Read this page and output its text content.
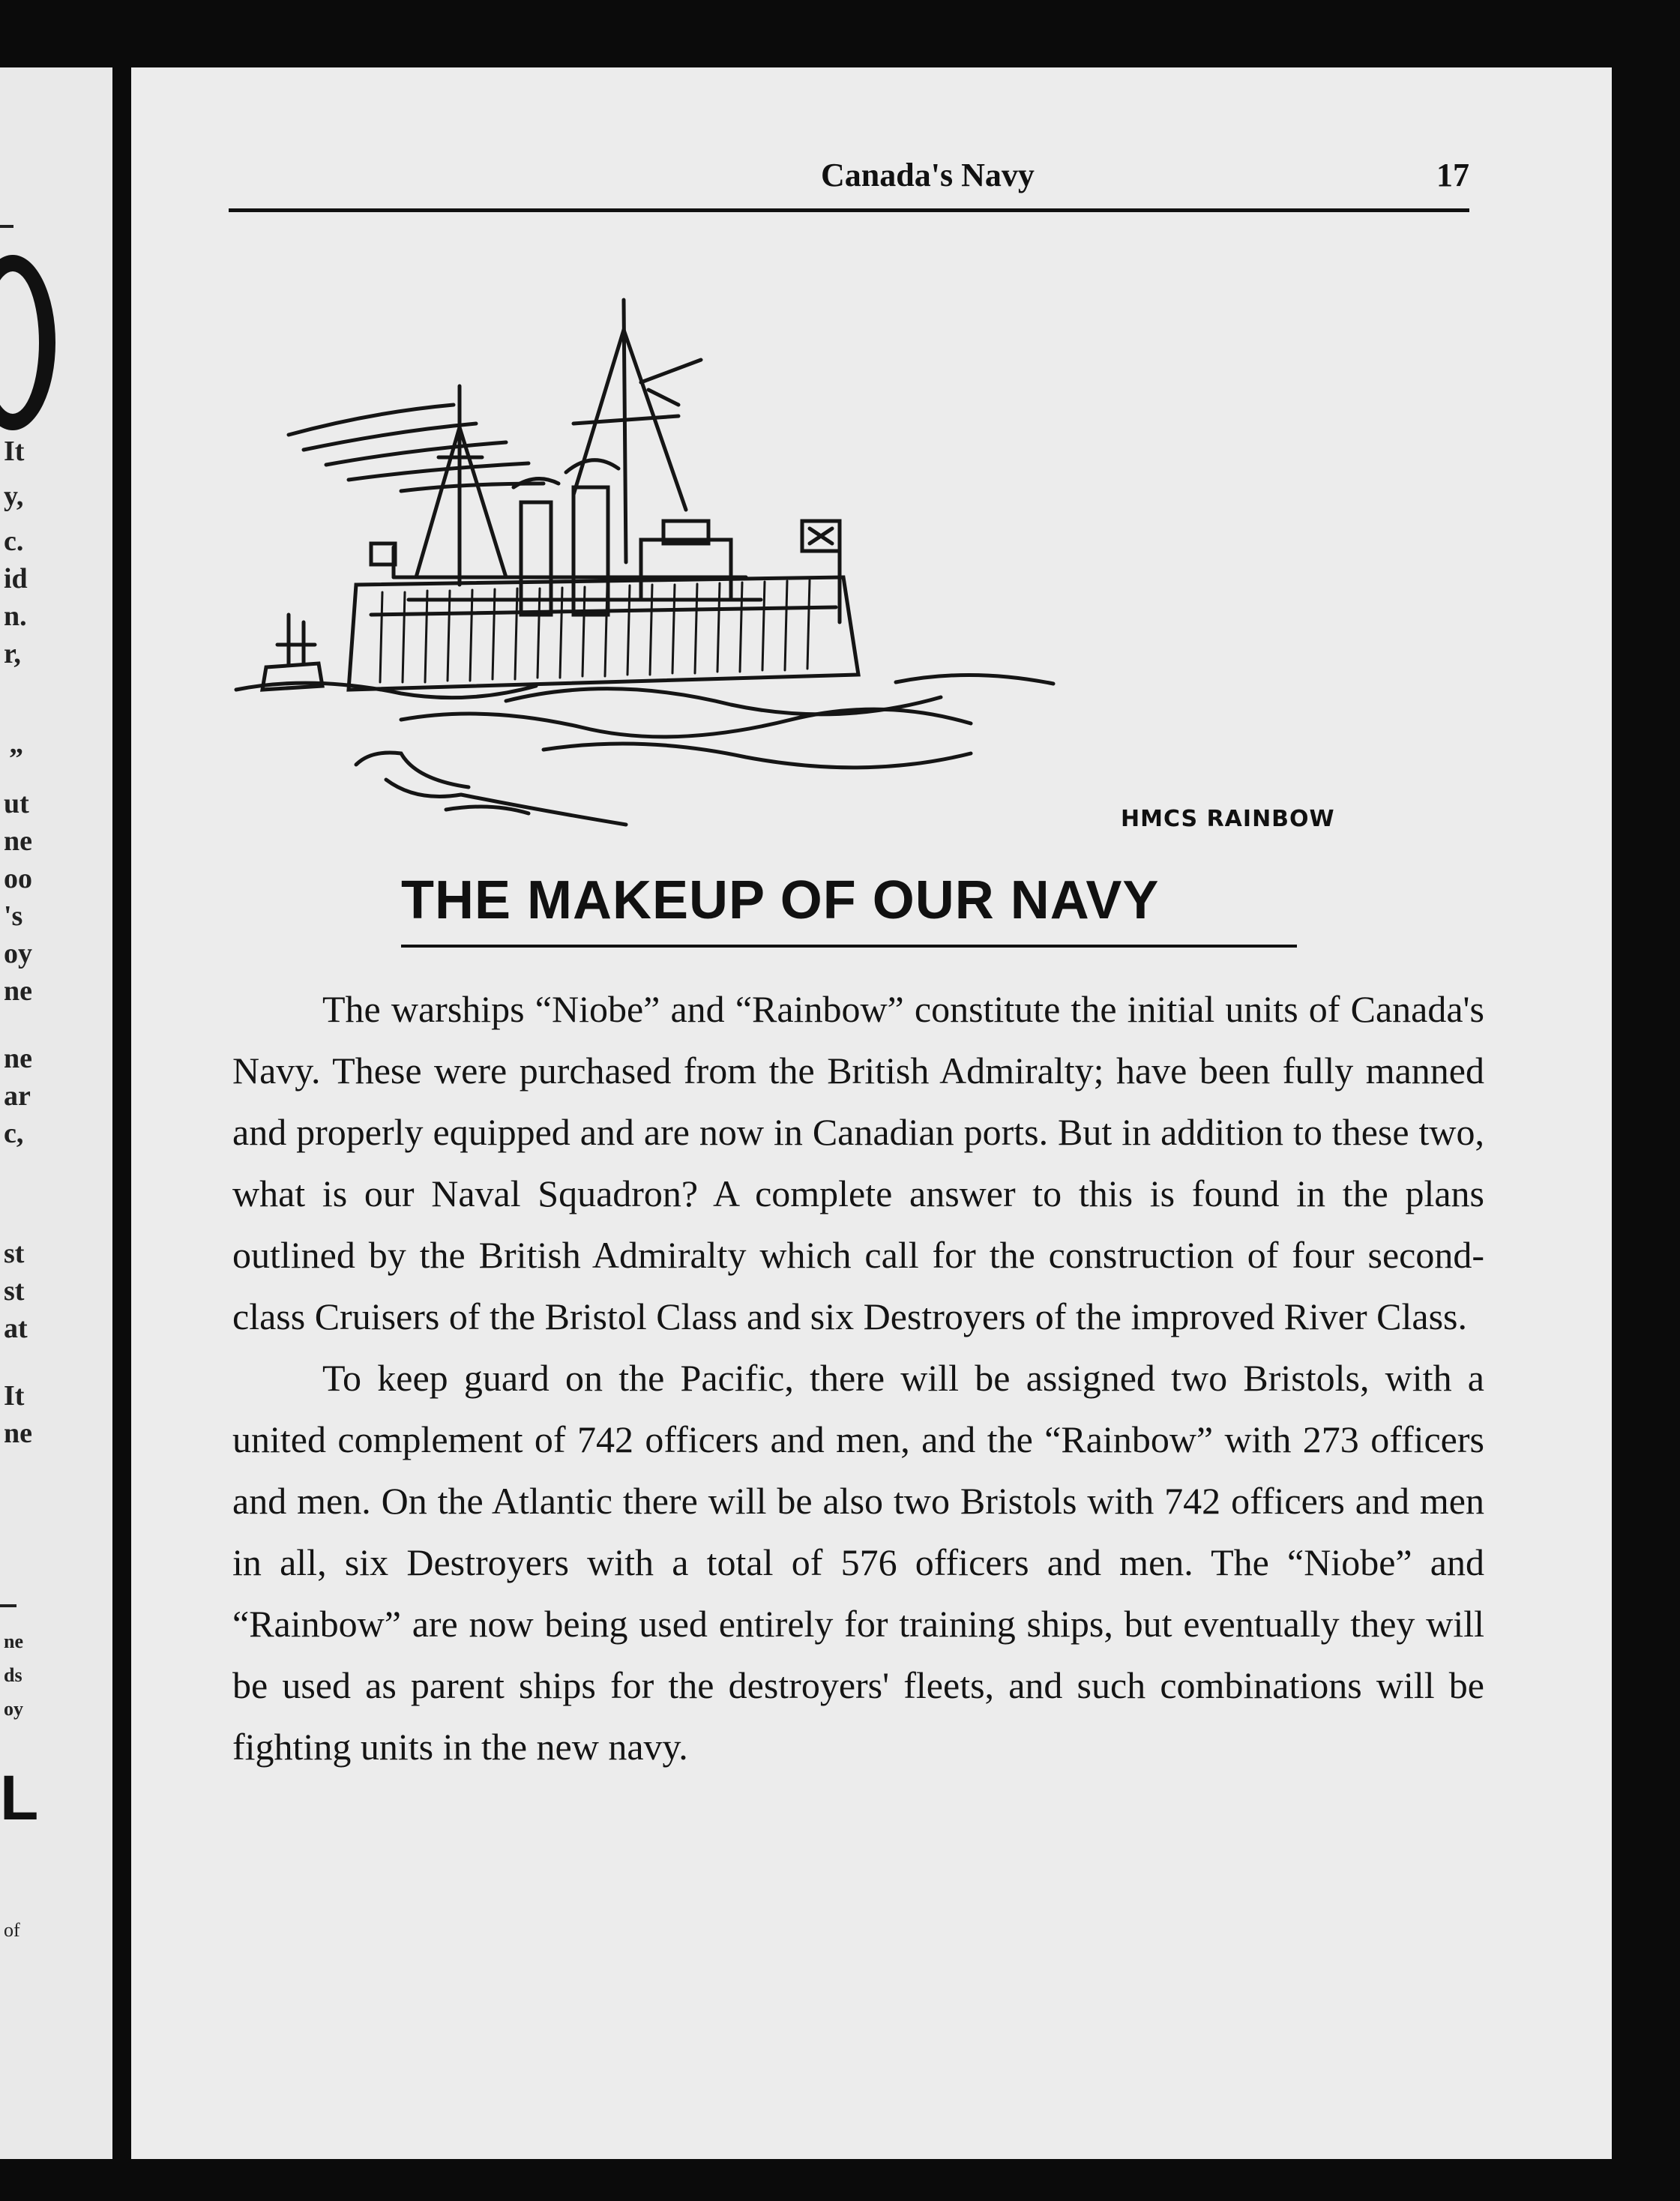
It
y,
c.
id
n.
r,
”
ut
ne
oo
's
oy
ne
ne
ar
c,
st
st
at
It
ne
ne
ds
oy
L
of
Canada's Navy	17
HMCS RAINBOW
THE MAKEUP OF OUR NAVY

The warships “Niobe” and “Rainbow” constitute the initial units of Canada's Navy. These were purchased from the British Admiralty; have been fully manned and properly equipped and are now in Canadian ports. But in addition to these two, what is our Naval Squadron? A complete answer to this is found in the plans outlined by the British Admiralty which call for the construction of four second-class Cruisers of the Bristol Class and six Destroyers of the improved River Class.

To keep guard on the Pacific, there will be assigned two Bristols, with a united complement of 742 officers and men, and the “Rainbow” with 273 officers and men. On the Atlantic there will be also two Bristols with 742 officers and men in all, six Destroyers with a total of 576 officers and men. The “Niobe” and “Rainbow” are now being used entirely for training ships, but eventually they will be used as parent ships for the destroyers' fleets, and such combinations will be fighting units in the new navy.
